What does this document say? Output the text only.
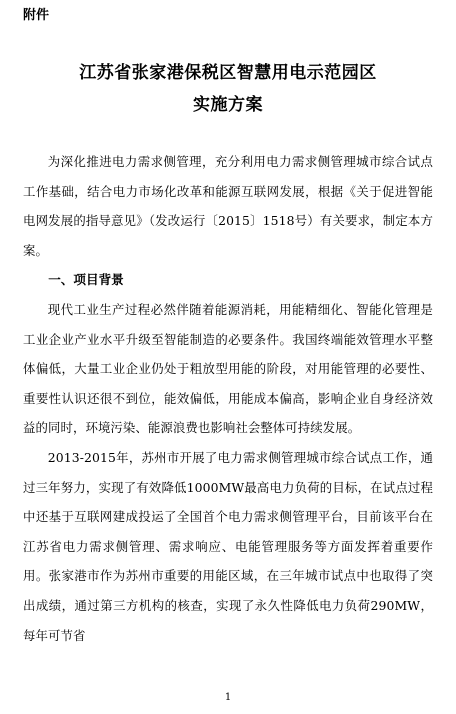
附件
江苏省张家港保税区智慧用电示范园区
实施方案

为深化推进电力需求侧管理，充分利用电力需求侧管理城市综合试点工作基础，结合电力市场化改革和能源互联网发展，根据《关于促进智能电网发展的指导意见》（发改运行〔2015〕1518号）有关要求，制定本方案。

一、项目背景

现代工业生产过程必然伴随着能源消耗，用能精细化、智能化管理是工业企业产业水平升级至智能制造的必要条件。我国终端能效管理水平整体偏低，大量工业企业仍处于粗放型用能的阶段，对用能管理的必要性、重要性认识还很不到位，能效偏低，用能成本偏高，影响企业自身经济效益的同时，环境污染、能源浪费也影响社会整体可持续发展。

2013-2015年，苏州市开展了电力需求侧管理城市综合试点工作，通过三年努力，实现了有效降低1000MW最高电力负荷的目标，在试点过程中还基于互联网建成投运了全国首个电力需求侧管理平台，目前该平台在江苏省电力需求侧管理、需求响应、电能管理服务等方面发挥着重要作用。张家港市作为苏州市重要的用能区域，在三年城市试点中也取得了突出成绩，通过第三方机构的核查，实现了永久性降低电力负荷290MW，每年可节省

1
